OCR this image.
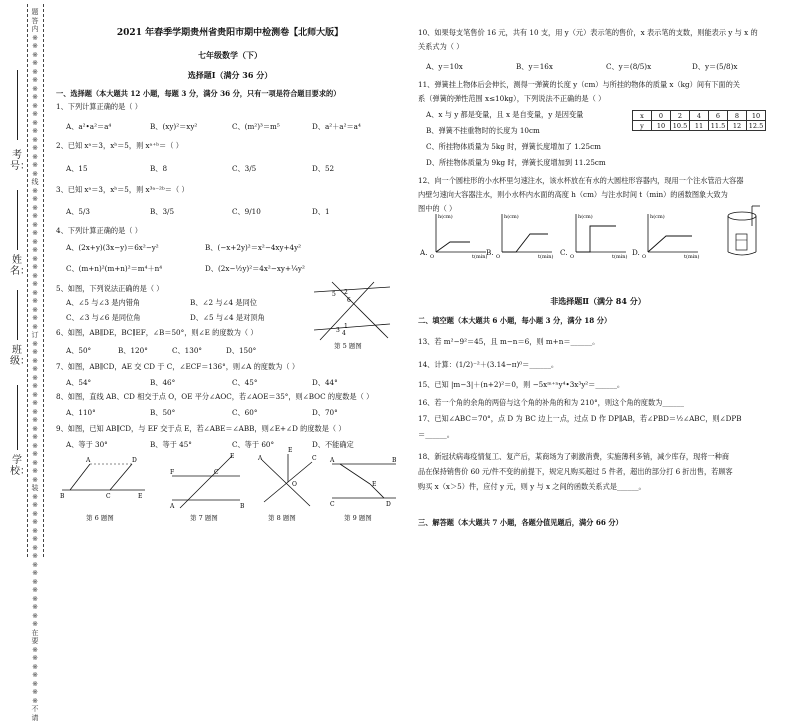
题
答
内
※
※
※
※
※
※
※
※
※
※
※
※
※
※
※
※
※
线
※
※
※
※
※
※
※
※
※
※
※
※
※
※
※
※
※
订
※
※
※
※
※
※
※
※
※
※
※
※
※
※
※
※
※
装
※
※
※
※
※
※
※
※
※
※
※
※
※
※
※
※
在
要
※
※
※
※
※
※
※
不
请
考号：
姓名：
班级：
学校：
2021 年春季学期贵州省贵阳市期中检测卷【北师大版】
七年级数学（下）
选择题Ⅰ（满分 36 分）
一、选择题（本大题共 12 小题，每题 3 分，满分 36 分，只有一项是符合题目要求的）
1、下列计算正确的是（ ）
A、a²•a²＝a⁴	B、(xy)²＝xy²	C、(m²)³＝m⁵	D、a²＋a²＝a⁴
2、已知 xᵃ＝3，xᵇ＝5，则 xᵃ⁺ᵇ＝（ ）
A、15	B、8	C、3/5	D、52
3、已知 xᵃ＝3，xᵇ＝5，则 x³ᵃ⁻²ᵇ＝（ ）
A、5/3	B、3/5	C、9/10	D、1
4、下列计算正确的是（ ）
A、(2x+y)(3x−y)＝6x²−y²	B、(−x+2y)²＝x²−4xy+4y²
C、(m+n)²(m+n)²＝m⁴＋n⁴	D、(2x−½y)²＝4x²−xy+¼y²
5、如图，下列说法正确的是（ ）
A、∠5 与∠3 是内错角	B、∠2 与∠4 是同位
C、∠3 与∠6 是同位角	D、∠5 与∠4 是对顶角
5 2
6
3
1
4
第 5 题图
6、如图，AB∥DE，BC∥EF，∠B＝50°，则∠E 的度数为（ ）
A、50°	B、120°	C、130°	D、150°
7、如图，AB∥CD，AE 交 CD 于 C，∠ECF＝136°，则∠A 的度数为（ ）
A、54°	B、46°	C、45°	D、44°
8、如图，直线 AB、CD 相交于点 O，OE 平分∠AOC，若∠AOE＝35°，则∠BOC 的度数是（ ）
A、110°	B、50°	C、60°	D、70°
9、如图，已知 AB∥CD，与 EF 交于点 E，若∠ABE＝∠ABB，则∠E+∠D 的度数是（ ）
A、等于 30°	B、等于 45°	C、等于 60°	D、不能确定
B
A
C
D
E
第 6 题图
F
E
A	B
C
第 7 题图
E
A	C
O
第 8 题图
A	B
E
C	D
第 9 题图
10、如果每支笔售价 16 元，共有 10 支，用 y（元）表示笔的售价，x 表示笔的支数，则能表示 y 与 x 的
关系式为（ ）
A、y＝10x	B、y＝16x	C、y＝(8/5)x	D、y＝(5/8)x
11、弹簧挂上物体后会伸长，测得一弹簧的长度 y（cm）与所挂的物体的质量 x（kg）间有下面的关
系（弹簧的弹性范围 x≤10kg），下列说法不正确的是（ ）
A、x 与 y 都是变量，且 x 是自变量，y 是因变量
B、弹簧不挂重物时的长度为 10cm
C、所挂物体质量为 5kg 时，弹簧长度增加了 1.25cm
D、所挂物体质量为 9kg 时，弹簧长度增加到 11.25cm
x	0	2	4	6	8	10
y	10	10.5	11	11.5	12	12.5
12、向一个圆柱形的小水杯里匀速注水，该水杯放在有水的大圆柱形容器内，现用一个注水管沿大容器
内壁匀速向大容器注水，则小水杯内水面的高度 h（cm）与注水时间 t（min）的函数图象大致为
图中的（ ）
A.
h(cm)
t(min)
O	B.
h(cm)
t(min)
O	C.
h(cm)
t(min)
O	D.
h(cm)
t(min)
O
非选择题Ⅱ（满分 84 分）
二、填空题（本大题共 6 小题，每小题 3 分，满分 18 分）
13、若 m²−9²＝45，且 m−n＝6，则 m+n＝______。
14、计算：(1/2)⁻²＋(3.14−π)⁰＝______。
15、已知 |m−3|＋(n+2)²＝0，则 −5xᵐ⁺ⁿy⁴•3x³y²＝______。
16、若一个角的余角的两倍与这个角的补角的和为 210°，则这个角的度数为______
17、已知∠ABC＝70°，点 D 为 BC 边上一点，过点 D 作 DP∥AB，若∠PBD＝½∠ABC，则∠DPB
＝______。
18、新冠状病毒疫情复工、复产后，某商场为了刺激消费，实施薄利多销，减少库存，现将一种商
品在保持销售价 60 元/件不变的前提下，规定凡购买超过 5 件者，超出的部分打 6 折出售，若顾客
购买 x（x＞5）件，应付 y 元，则 y 与 x 之间的函数关系式是______。
三、解答题（本大题共 7 小题，各题分值见题后，满分 66 分）
